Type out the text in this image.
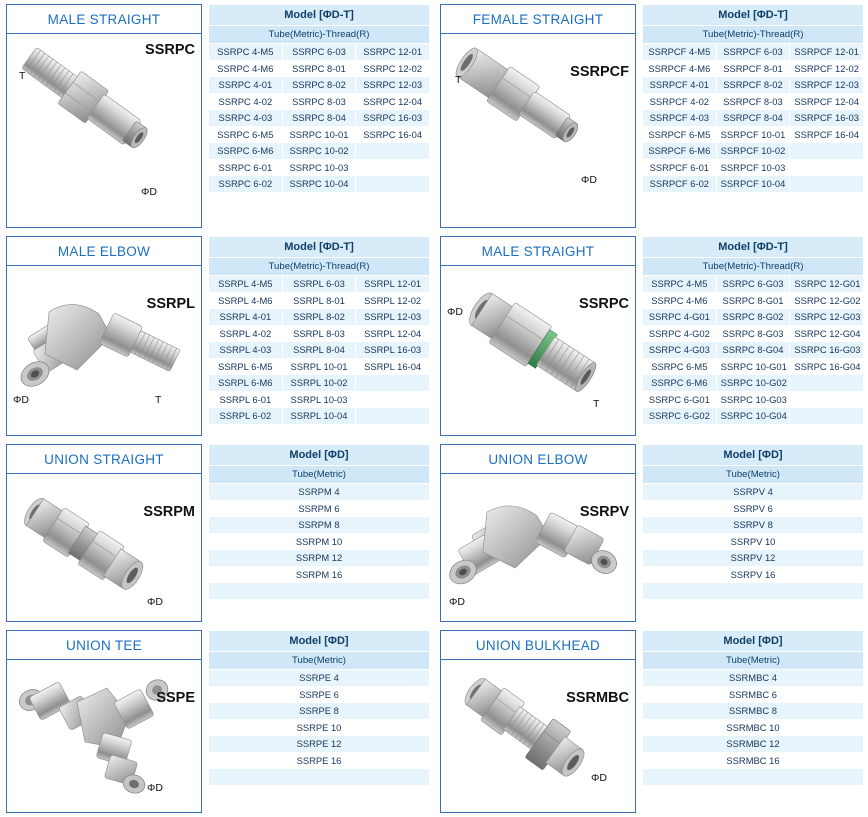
MALE STRAIGHT
SSRPC
T
ΦD
Model [ΦD-T]		
Tube(Metric)-Thread(R)		
SSRPC 4-M5	SSRPC 6-03	SSRPC 12-01
SSRPC 4-M6	SSRPC 8-01	SSRPC 12-02
SSRPC 4-01	SSRPC 8-02	SSRPC 12-03
SSRPC 4-02	SSRPC 8-03	SSRPC 12-04
SSRPC 4-03	SSRPC 8-04	SSRPC 16-03
SSRPC 6-M5	SSRPC 10-01	SSRPC 16-04
SSRPC 6-M6	SSRPC 10-02	
SSRPC 6-01	SSRPC 10-03	
SSRPC 6-02	SSRPC 10-04	
FEMALE STRAIGHT
SSRPCF
T
ΦD
Model [ΦD-T]		
Tube(Metric)-Thread(R)		
SSRPCF 4-M5	SSRPCF 6-03	SSRPCF 12-01
SSRPCF 4-M6	SSRPCF 8-01	SSRPCF 12-02
SSRPCF 4-01	SSRPCF 8-02	SSRPCF 12-03
SSRPCF 4-02	SSRPCF 8-03	SSRPCF 12-04
SSRPCF 4-03	SSRPCF 8-04	SSRPCF 16-03
SSRPCF 6-M5	SSRPCF 10-01	SSRPCF 16-04
SSRPCF 6-M6	SSRPCF 10-02	
SSRPCF 6-01	SSRPCF 10-03	
SSRPCF 6-02	SSRPCF 10-04	
MALE ELBOW
SSRPL
ΦD	T
Model [ΦD-T]		
Tube(Metric)-Thread(R)		
SSRPL 4-M5	SSRPL 6-03	SSRPL 12-01
SSRPL 4-M6	SSRPL 8-01	SSRPL 12-02
SSRPL 4-01	SSRPL 8-02	SSRPL 12-03
SSRPL 4-02	SSRPL 8-03	SSRPL 12-04
SSRPL 4-03	SSRPL 8-04	SSRPL 16-03
SSRPL 6-M5	SSRPL 10-01	SSRPL 16-04
SSRPL 6-M6	SSRPL 10-02	
SSRPL 6-01	SSRPL 10-03	
SSRPL 6-02	SSRPL 10-04	
MALE STRAIGHT
SSRPC
ΦD
T
Model [ΦD-T]		
Tube(Metric)-Thread(R)		
SSRPC 4-M5	SSRPC 6-G03	SSRPC 12-G01
SSRPC 4-M6	SSRPC 8-G01	SSRPC 12-G02
SSRPC 4-G01	SSRPC 8-G02	SSRPC 12-G03
SSRPC 4-G02	SSRPC 8-G03	SSRPC 12-G04
SSRPC 4-G03	SSRPC 8-G04	SSRPC 16-G03
SSRPC 6-M5	SSRPC 10-G01	SSRPC 16-G04
SSRPC 6-M6	SSRPC 10-G02	
SSRPC 6-G01	SSRPC 10-G03	
SSRPC 6-G02	SSRPC 10-G04	
UNION STRAIGHT
SSRPM
ΦD
Model [ΦD]
Tube(Metric)
SSRPM 4
SSRPM 6
SSRPM 8
SSRPM 10
SSRPM 12
SSRPM 16

UNION ELBOW
SSRPV
ΦD
Model [ΦD]
Tube(Metric)
SSRPV 4
SSRPV 6
SSRPV 8
SSRPV 10
SSRPV 12
SSRPV 16

UNION TEE
SSPE
ΦD
Model [ΦD]
Tube(Metric)
SSRPE 4
SSRPE 6
SSRPE 8
SSRPE 10
SSRPE 12
SSRPE 16

UNION BULKHEAD
SSRMBC
ΦD
Model [ΦD]
Tube(Metric)
SSRMBC 4
SSRMBC 6
SSRMBC 8
SSRMBC 10
SSRMBC 12
SSRMBC 16
